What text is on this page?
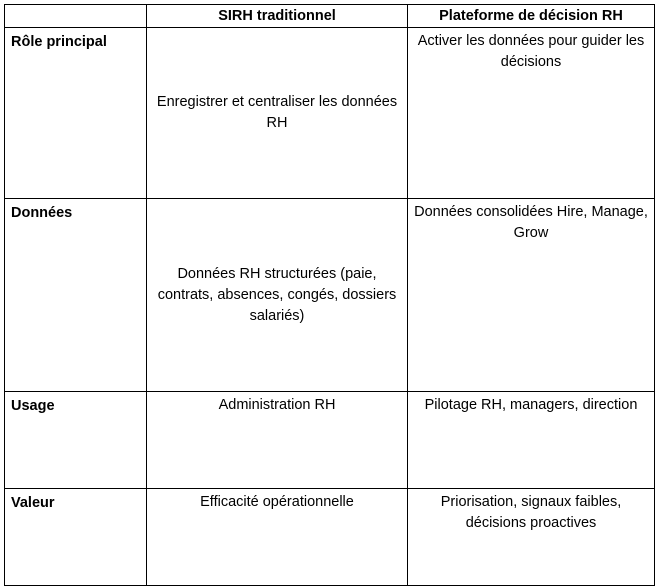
	SIRH traditionnel	Plateforme de décision RH
Rôle principal	Enregistrer et centraliser les données RH	Activer les données pour guider les décisions

Données	Données RH structurées (paie, contrats, absences, congés, dossiers salariés)	Données consolidées Hire, Manage, Grow

Usage	Administration RH	Pilotage RH, managers, direction

Valeur	Efficacité opérationnelle	Priorisation, signaux faibles, décisions proactives
